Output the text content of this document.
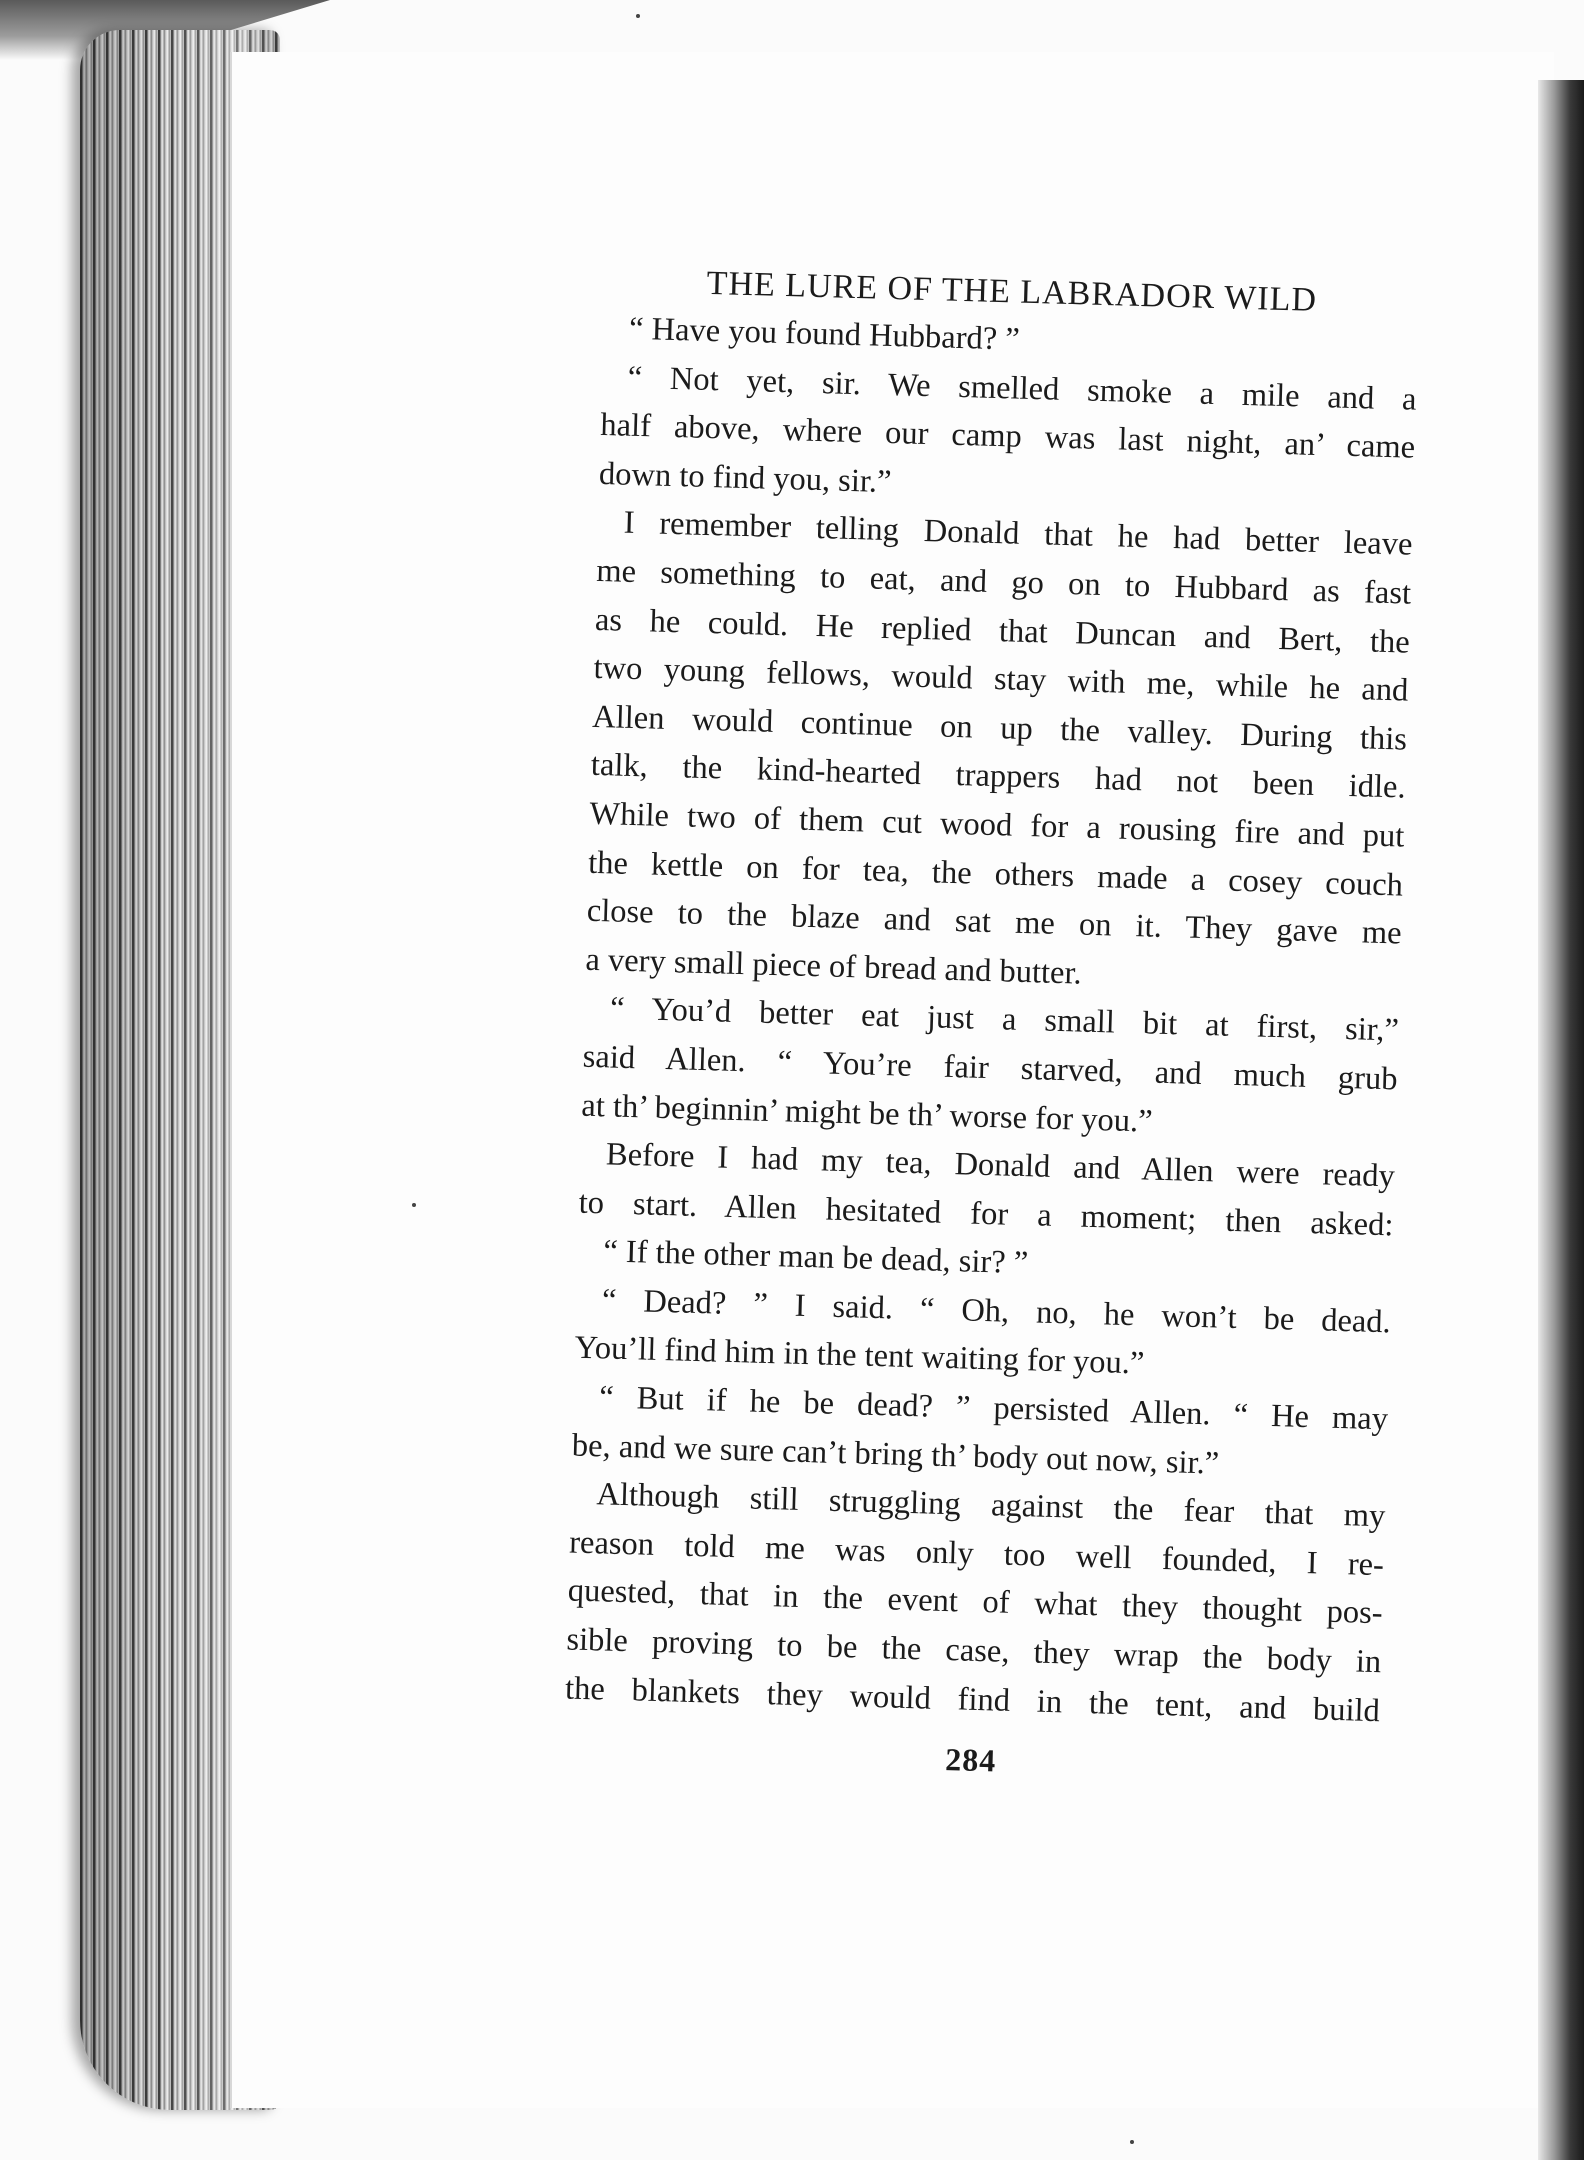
THE LURE OF THE LABRADOR WILD
“ Have you found Hubbard? ”
“ Not yet, sir. We smelled smoke a mile and a
half above, where our camp was last night, an’ came
down to find you, sir.”
I remember telling Donald that he had better leave
me something to eat, and go on to Hubbard as fast
as he could. He replied that Duncan and Bert, the
two young fellows, would stay with me, while he and
Allen would continue on up the valley. During this
talk, the kind-hearted trappers had not been idle.
While two of them cut wood for a rousing fire and put
the kettle on for tea, the others made a cosey couch
close to the blaze and sat me on it. They gave me
a very small piece of bread and butter.
“ You’d better eat just a small bit at first, sir,”
said Allen. “ You’re fair starved, and much grub
at th’ beginnin’ might be th’ worse for you.”
Before I had my tea, Donald and Allen were ready
to start. Allen hesitated for a moment; then asked:
“ If the other man be dead, sir? ”
“ Dead? ” I said. “ Oh, no, he won’t be dead.
You’ll find him in the tent waiting for you.”
“ But if he be dead? ” persisted Allen. “ He may
be, and we sure can’t bring th’ body out now, sir.”
Although still struggling against the fear that my
reason told me was only too well founded, I re-
quested, that in the event of what they thought pos-
sible proving to be the case, they wrap the body in
the blankets they would find in the tent, and build
284
